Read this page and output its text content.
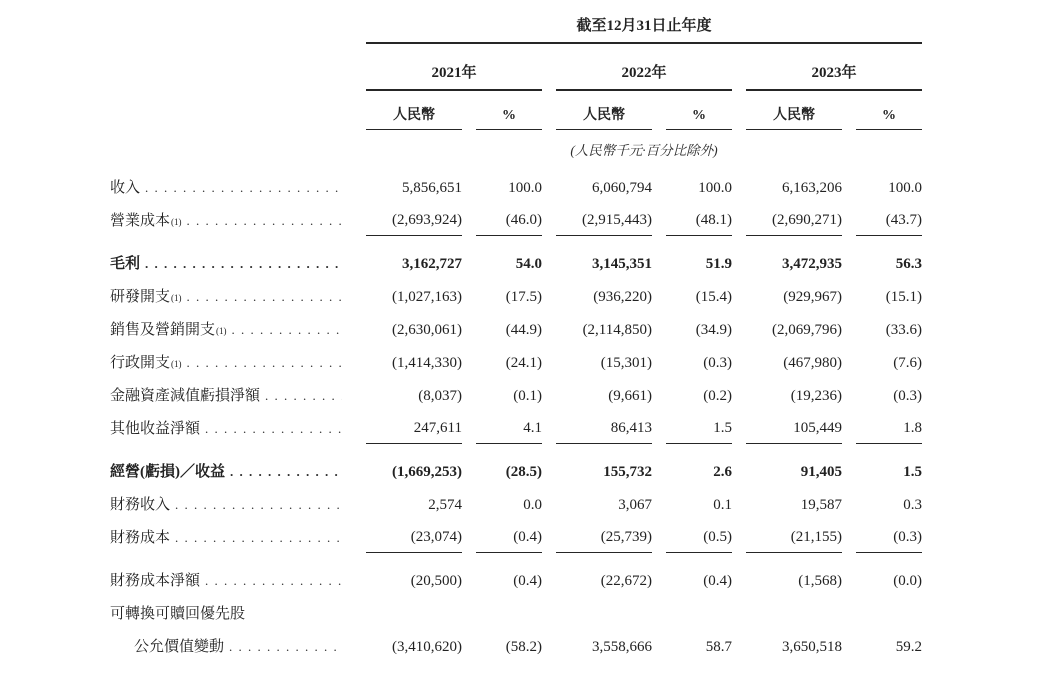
截至12月31日止年度
2021年	2022年	2023年
人民幣	%	人民幣	%	人民幣	%
(人民幣千元·百分比除外)
收入 . . .	5,856,651	100.0	6,060,794	100.0	6,163,206	100.0
營業成本 (1) . . .	(2,693,924)	(46.0)	(2,915,443)	(48.1)	(2,690,271)	(43.7)
毛利 . . .	3,162,727	54.0	3,145,351	51.9	3,472,935	56.3
研發開支 (1) . . .	(1,027,163)	(17.5)	(936,220)	(15.4)	(929,967)	(15.1)
銷售及營銷開支 (1) . . .	(2,630,061)	(44.9)	(2,114,850)	(34.9)	(2,069,796)	(33.6)
行政開支 (1) . . .	(1,414,330)	(24.1)	(15,301)	(0.3)	(467,980)	(7.6)
金融資產減值虧損淨額 . . .	(8,037)	(0.1)	(9,661)	(0.2)	(19,236)	(0.3)
其他收益淨額 . . .	247,611	4.1	86,413	1.5	105,449	1.8
經營(虧損)／收益 . . .	(1,669,253)	(28.5)	155,732	2.6	91,405	1.5
財務收入 . . .	2,574	0.0	3,067	0.1	19,587	0.3
財務成本 . . .	(23,074)	(0.4)	(25,739)	(0.5)	(21,155)	(0.3)
財務成本淨額 . . .	(20,500)	(0.4)	(22,672)	(0.4)	(1,568)	(0.0)
可轉換可贖回優先股
公允價值變動 . . .	(3,410,620)	(58.2)	3,558,666	58.7	3,650,518	59.2
